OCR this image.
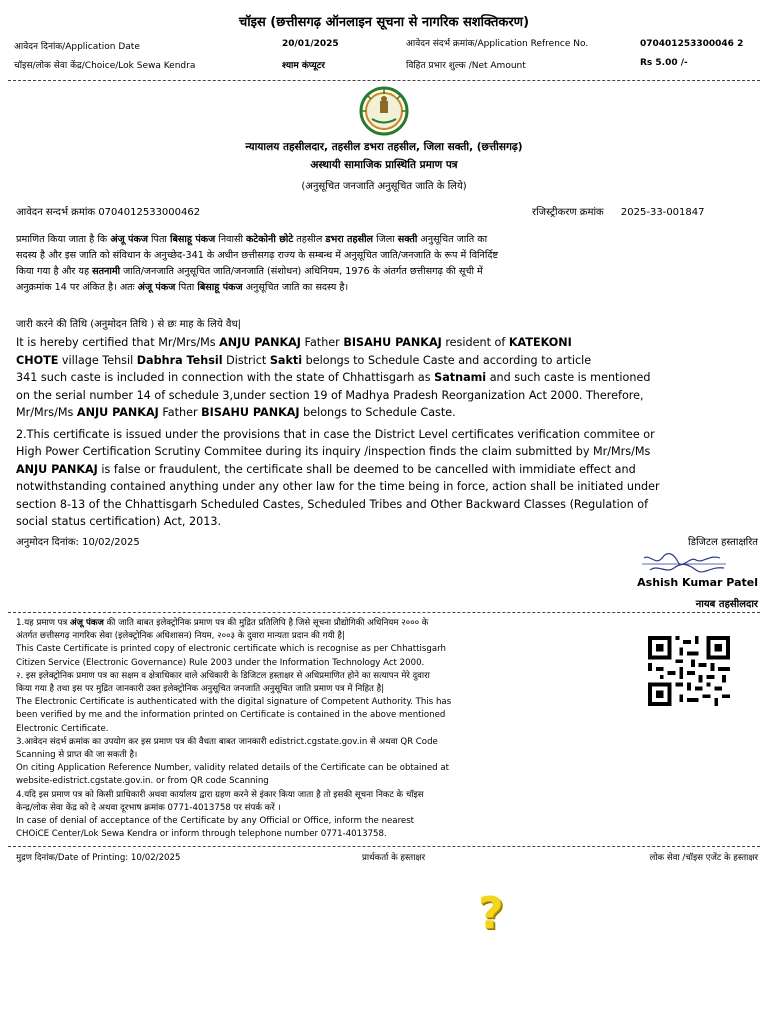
चॉइस (छत्तीसगढ़ ऑनलाइन सूचना से नागरिक सशक्तिकरण)
आवेदन दिनांक/Application Date	20/01/2025	आवेदन संदर्भ क्रमांक/Application Refrence No.	070401253300046 2
चॉइस/लोक सेवा केंद्र/Choice/Lok Sewa Kendra	श्याम कंप्यूटर	विहित प्रभार शुल्क /Net Amount	Rs 5.00 /-
न्यायालय तहसीलदार, तहसील डभरा तहसील, जिला सक्ती, (छत्तीसगढ़)
अस्थायी सामाजिक प्रास्थिति प्रमाण पत्र
(अनुसूचित जनजाति अनुसूचित जाति के लिये)
आवेदन सन्दर्भ क्रमांक 0704012533000462	रजिस्ट्रीकरण क्रमांक 2025-33-001847
प्रमाणित किया जाता है कि अंजू पंकज पिता बिसाहू पंकज निवासी कटेकोनी छोटे तहसील डभरा तहसील जिला सक्ती अनुसूचित जाति का
सदस्य है और इस जाति को संविधान के अनुच्छेद-341 के अधीन छत्तीसगढ़ राज्य के सम्बन्ध में अनुसूचित जाति/जनजाति के रूप में विनिर्दिष्ट
किया गया है और यह सतनामी जाति/जनजाति अनुसूचित जाति/जनजाति (संशोधन) अधिनियम, 1976 के अंतर्गत छत्तीसगढ़ की सूची में
अनुक्रमांक 14 पर अंकित है। अतः अंजू पंकज पिता बिसाहू पंकज अनुसूचित जाति का सदस्य है।
जारी करने की तिथि (अनुमोदन तिथि ) से छः माह के लिये वैध|
It is hereby certified that Mr/Mrs/Ms ANJU PANKAJ Father BISAHU PANKAJ resident of KATEKONI
CHOTE village Tehsil Dabhra Tehsil District Sakti belongs to Schedule Caste and according to article
341 such caste is included in connection with the state of Chhattisgarh as Satnami and such caste is mentioned
on the serial number 14 of schedule 3,under section 19 of Madhya Pradesh Reorganization Act 2000. Therefore,
Mr/Mrs/Ms ANJU PANKAJ Father BISAHU PANKAJ belongs to Schedule Caste.
2.This certificate is issued under the provisions that in case the District Level certificates verification commitee or
High Power Certification Scrutiny Commitee during its inquiry /inspection finds the claim submitted by Mr/Mrs/Ms
ANJU PANKAJ is false or fraudulent, the certificate shall be deemed to be cancelled with immidiate effect and
notwithstanding contained anything under any other law for the time being in force, action shall be initiated under
section 8-13 of the Chhattisgarh Scheduled Castes, Scheduled Tribes and Other Backward Classes (Regulation of
social status certification) Act, 2013.
अनुमोदन दिनांक: 10/02/2025	डिजिटल हस्ताक्षरित
Ashish Kumar Patel
नायब तहसीलदार
1.यह प्रमाण पत्र अंजू पंकज की जाति बाबत इलेक्ट्रोनिक प्रमाण पत्र की मुद्रित प्रतिलिपि है जिसे सूचना प्रौद्योगिकी अधिनियम २००० के
अंतर्गत छत्तीसगढ़ नागरिक सेवा (इलेक्ट्रोनिक अधिशासन) नियम, २००३ के दुवारा मान्यता प्रदान की गयी है|
This Caste Certificate is printed copy of electronic certificate which is recognise as per Chhattisgarh
Citizen Service (Electronic Governance) Rule 2003 under the Information Technology Act 2000.
२. इस इलेक्ट्रोनिक प्रमाण पत्र का सक्षम व क्षेत्राधिकार वाले अधिकारी के डिजिटल हस्ताक्षर से अधिप्रमाणित होने का सत्यापन मेरे दुवारा
किया गया है तथा इस पर मुद्रित जानकारी उक्त इलेक्ट्रोनिक अनुसूचित जनजाति अनुसूचित जाति प्रमाण पत्र में निहित है|
The Electronic Certificate is authenticated with the digital signature of Competent Authority. This has
been verified by me and the information printed on Certificate is contained in the above mentioned
Electronic Certificate.
3.आवेदन संदर्भ क्रमांक का उपयोग कर इस प्रमाण पत्र की वैधता बाबत जानकारी edistrict.cgstate.gov.in से अथवा QR Code
Scanning से प्राप्त की जा सकती है।
On citing Application Reference Number, validity related details of the Certificate can be obtained at
website-edistrict.cgstate.gov.in. or from QR code Scanning
4.यदि इस प्रमाण पत्र को किसी प्राधिकारी अथवा कार्यालय द्वारा ग्रहण करने से इंकार किया जाता है तो इसकी सूचना निकट के चॉइस
केन्द्र/लोक सेवा केंद्र को दे अथवा दूरभाष क्रमांक 0771-4013758 पर संपर्क करें ।
In case of denial of acceptance of the Certificate by any Official or Office, inform the nearest
CHOiCE Center/Lok Sewa Kendra or inform through telephone number 0771-4013758.
मुद्रण दिनांक/Date of Printing: 10/02/2025	प्रार्थकर्ता के हस्ताक्षर	लोक सेवा /चॉइस एजेंट के हस्ताक्षर
?
